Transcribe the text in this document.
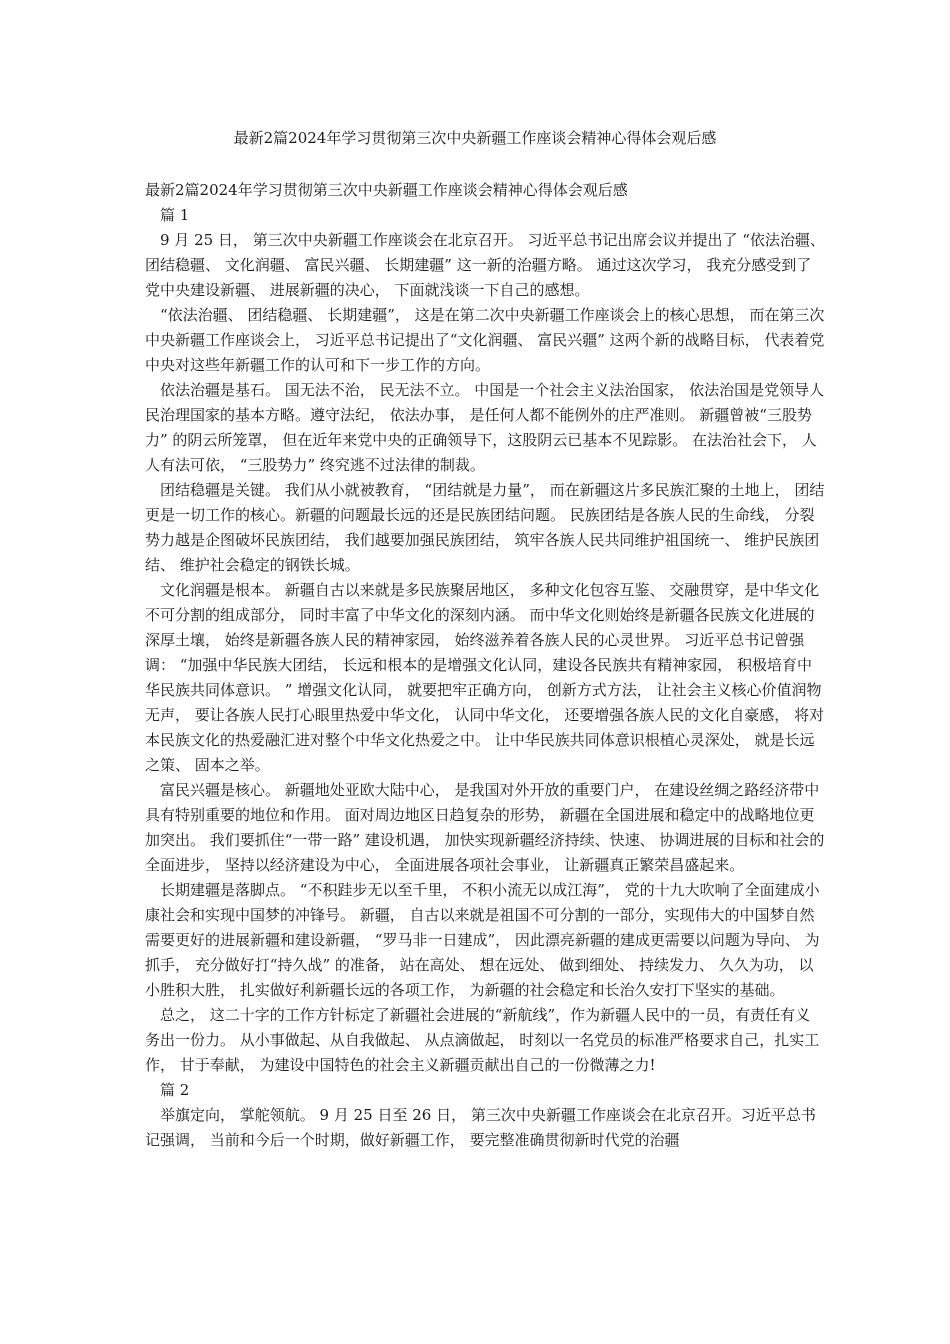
最新2篇2024年学习贯彻第三次中央新疆工作座谈会精神心得体会观后感

最新2篇2024年学习贯彻第三次中央新疆工作座谈会精神心得体会观后感

篇 1

9 月 25 日， 第三次中央新疆工作座谈会在北京召开。 习近平总书记出席会议并提出了 “依法治疆、 团结稳疆、 文化润疆、 富民兴疆、 长期建疆” 这一新的治疆方略。 通过这次学习， 我充分感受到了党中央建设新疆、 进展新疆的决心， 下面就浅谈一下自己的感想。

“依法治疆、 团结稳疆、 长期建疆”， 这是在第二次中央新疆工作座谈会上的核心思想， 而在第三次中央新疆工作座谈会上， 习近平总书记提出了“文化润疆、 富民兴疆” 这两个新的战略目标， 代表着党中央对这些年新疆工作的认可和下一步工作的方向。

依法治疆是基石。 国无法不治， 民无法不立。 中国是一个社会主义法治国家， 依法治国是党领导人民治理国家的基本方略。遵守法纪， 依法办事， 是任何人都不能例外的庄严准则。 新疆曾被“三股势力” 的阴云所笼罩， 但在近年来党中央的正确领导下，这股阴云已基本不见踪影。 在法治社会下， 人人有法可依， “三股势力” 终究逃不过法律的制裁。

团结稳疆是关键。 我们从小就被教育， “团结就是力量”， 而在新疆这片多民族汇聚的土地上， 团结更是一切工作的核心。新疆的问题最长远的还是民族团结问题。 民族团结是各族人民的生命线， 分裂势力越是企图破坏民族团结， 我们越要加强民族团结， 筑牢各族人民共同维护祖国统一、 维护民族团结、 维护社会稳定的钢铁长城。

文化润疆是根本。 新疆自古以来就是多民族聚居地区， 多种文化包容互鉴、 交融贯穿，是中华文化不可分割的组成部分， 同时丰富了中华文化的深刻内涵。 而中华文化则始终是新疆各民族文化进展的深厚土壤， 始终是新疆各族人民的精神家园， 始终滋养着各族人民的心灵世界。 习近平总书记曾强调： “加强中华民族大团结， 长远和根本的是增强文化认同，建设各民族共有精神家园， 积极培育中华民族共同体意识。 ” 增强文化认同， 就要把牢正确方向， 创新方式方法， 让社会主义核心价值润物无声， 要让各族人民打心眼里热爱中华文化， 认同中华文化， 还要增强各族人民的文化自豪感， 将对本民族文化的热爱融汇进对整个中华文化热爱之中。 让中华民族共同体意识根植心灵深处， 就是长远之策、 固本之举。

富民兴疆是核心。 新疆地处亚欧大陆中心， 是我国对外开放的重要门户， 在建设丝绸之路经济带中具有特别重要的地位和作用。 面对周边地区日趋复杂的形势， 新疆在全国进展和稳定中的战略地位更加突出。 我们要抓住“一带一路” 建设机遇， 加快实现新疆经济持续、快速、 协调进展的目标和社会的全面进步， 坚持以经济建设为中心， 全面进展各项社会事业， 让新疆真正繁荣昌盛起来。

长期建疆是落脚点。 “不积跬步无以至千里， 不积小流无以成江海”， 党的十九大吹响了全面建成小康社会和实现中国梦的冲锋号。 新疆， 自古以来就是祖国不可分割的一部分，实现伟大的中国梦自然需要更好的进展新疆和建设新疆， “罗马非一日建成”， 因此漂亮新疆的建成更需要以问题为导向、 为抓手， 充分做好打“持久战” 的准备， 站在高处、 想在远处、 做到细处、 持续发力、 久久为功， 以小胜积大胜， 扎实做好利新疆长远的各项工作， 为新疆的社会稳定和长治久安打下坚实的基础。

总之， 这二十字的工作方针标定了新疆社会进展的“新航线”，作为新疆人民中的一员，有责任有义务出一份力。 从小事做起、从自我做起、 从点滴做起， 时刻以一名党员的标准严格要求自己，扎实工作， 甘于奉献， 为建设中国特色的社会主义新疆贡献出自己的一份微薄之力!

篇 2

举旗定向， 掌舵领航。 9 月 25 日至 26 日， 第三次中央新疆工作座谈会在北京召开。习近平总书记强调， 当前和今后一个时期，做好新疆工作， 要完整准确贯彻新时代党的治疆
